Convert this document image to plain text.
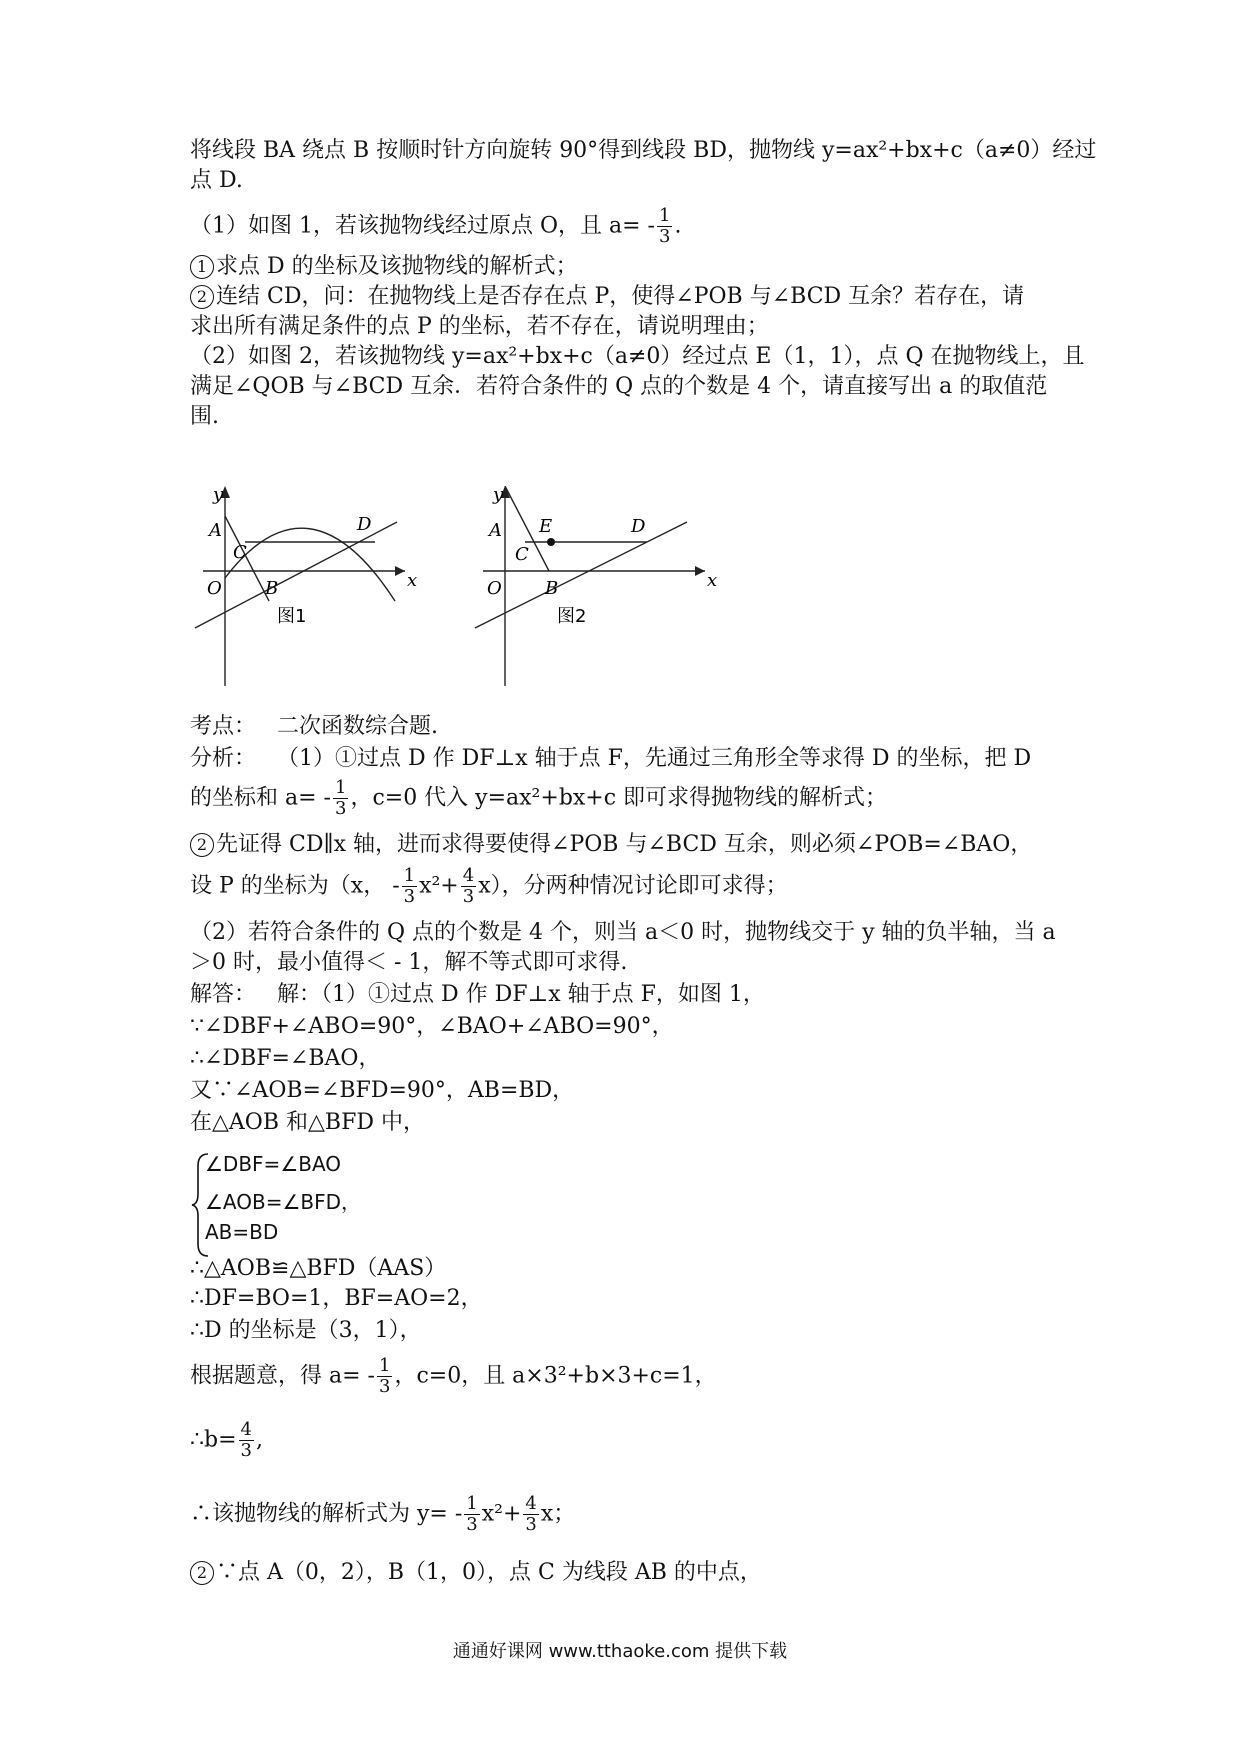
将线段 BA 绕点 B 按顺时针方向旋转 90°得到线段 BD，抛物线 y=ax²+bx+c（a≠0）经过
点 D.
（1）如图 1，若该抛物线经过原点 O，且 $a= - \frac{1}{3}$ .
1 求点 D 的坐标及该抛物线的解析式；
2 连结 CD，问：在抛物线上是否存在点 P，使得∠POB 与∠BCD 互余？若存在，请
求出所有满足条件的点 P 的坐标，若不存在，请说明理由；
（2）如图 2，若该抛物线 y=ax²+bx+c（a≠0）经过点 E（1，1），点 Q 在抛物线上，且
满足∠QOB 与∠BCD 互余．若符合条件的 Q 点的个数是 4 个，请直接写出 a 的取值范
围.
y
A
C
D
O B	x
图1
y
A
C
E	D
O B	x
图2
考点： 二次函数综合题.
分析： （1）①过点 D 作 DF⊥x 轴于点 F，先通过三角形全等求得 D 的坐标，把 D
的坐标和 $a= - \frac{1}{3}$ ，c=0 代入 y=ax²+bx+c 即可求得抛物线的解析式；
2 先证得 CD∥x 轴，进而求得要使得∠POB 与∠BCD 互余，则必须∠POB=∠BAO，
设 P 的坐标为（x， - $\frac{1}{3} x^2+ \frac{4}{3} x$），分两种情况讨论即可求得；
（2）若符合条件的 Q 点的个数是 4 个，则当 a＜0 时，抛物线交于 y 轴的负半轴，当 a
＞0 时，最小值得＜ - 1，解不等式即可求得.
解答： 解：（1）①过点 D 作 DF⊥x 轴于点 F，如图 1，
∵∠DBF+∠ABO=90°，∠BAO+∠ABO=90°，
∴∠DBF=∠BAO，
又∵∠AOB=∠BFD=90°，AB=BD，
在△AOB 和△BFD 中，
∠DBF=∠BAO
∠AOB=∠BFD，
AB=BD
∴△AOB≌△BFD（AAS）
∴DF=BO=1，BF=AO=2，
∴D 的坐标是（3，1），
根据题意，得 $a= - \frac{1}{3}$ ，c=0，且 a×3²+b×3+c=1，
∴b= $\frac{4}{3}$ ,
∴该抛物线的解析式为 $y= - \frac{1}{3} x^2+ \frac{4}{3}$ x；
2 ∵点 A（0，2），B（1，0），点 C 为线段 AB 的中点，
通通好课网 www.tthaoke.com 提供下载
